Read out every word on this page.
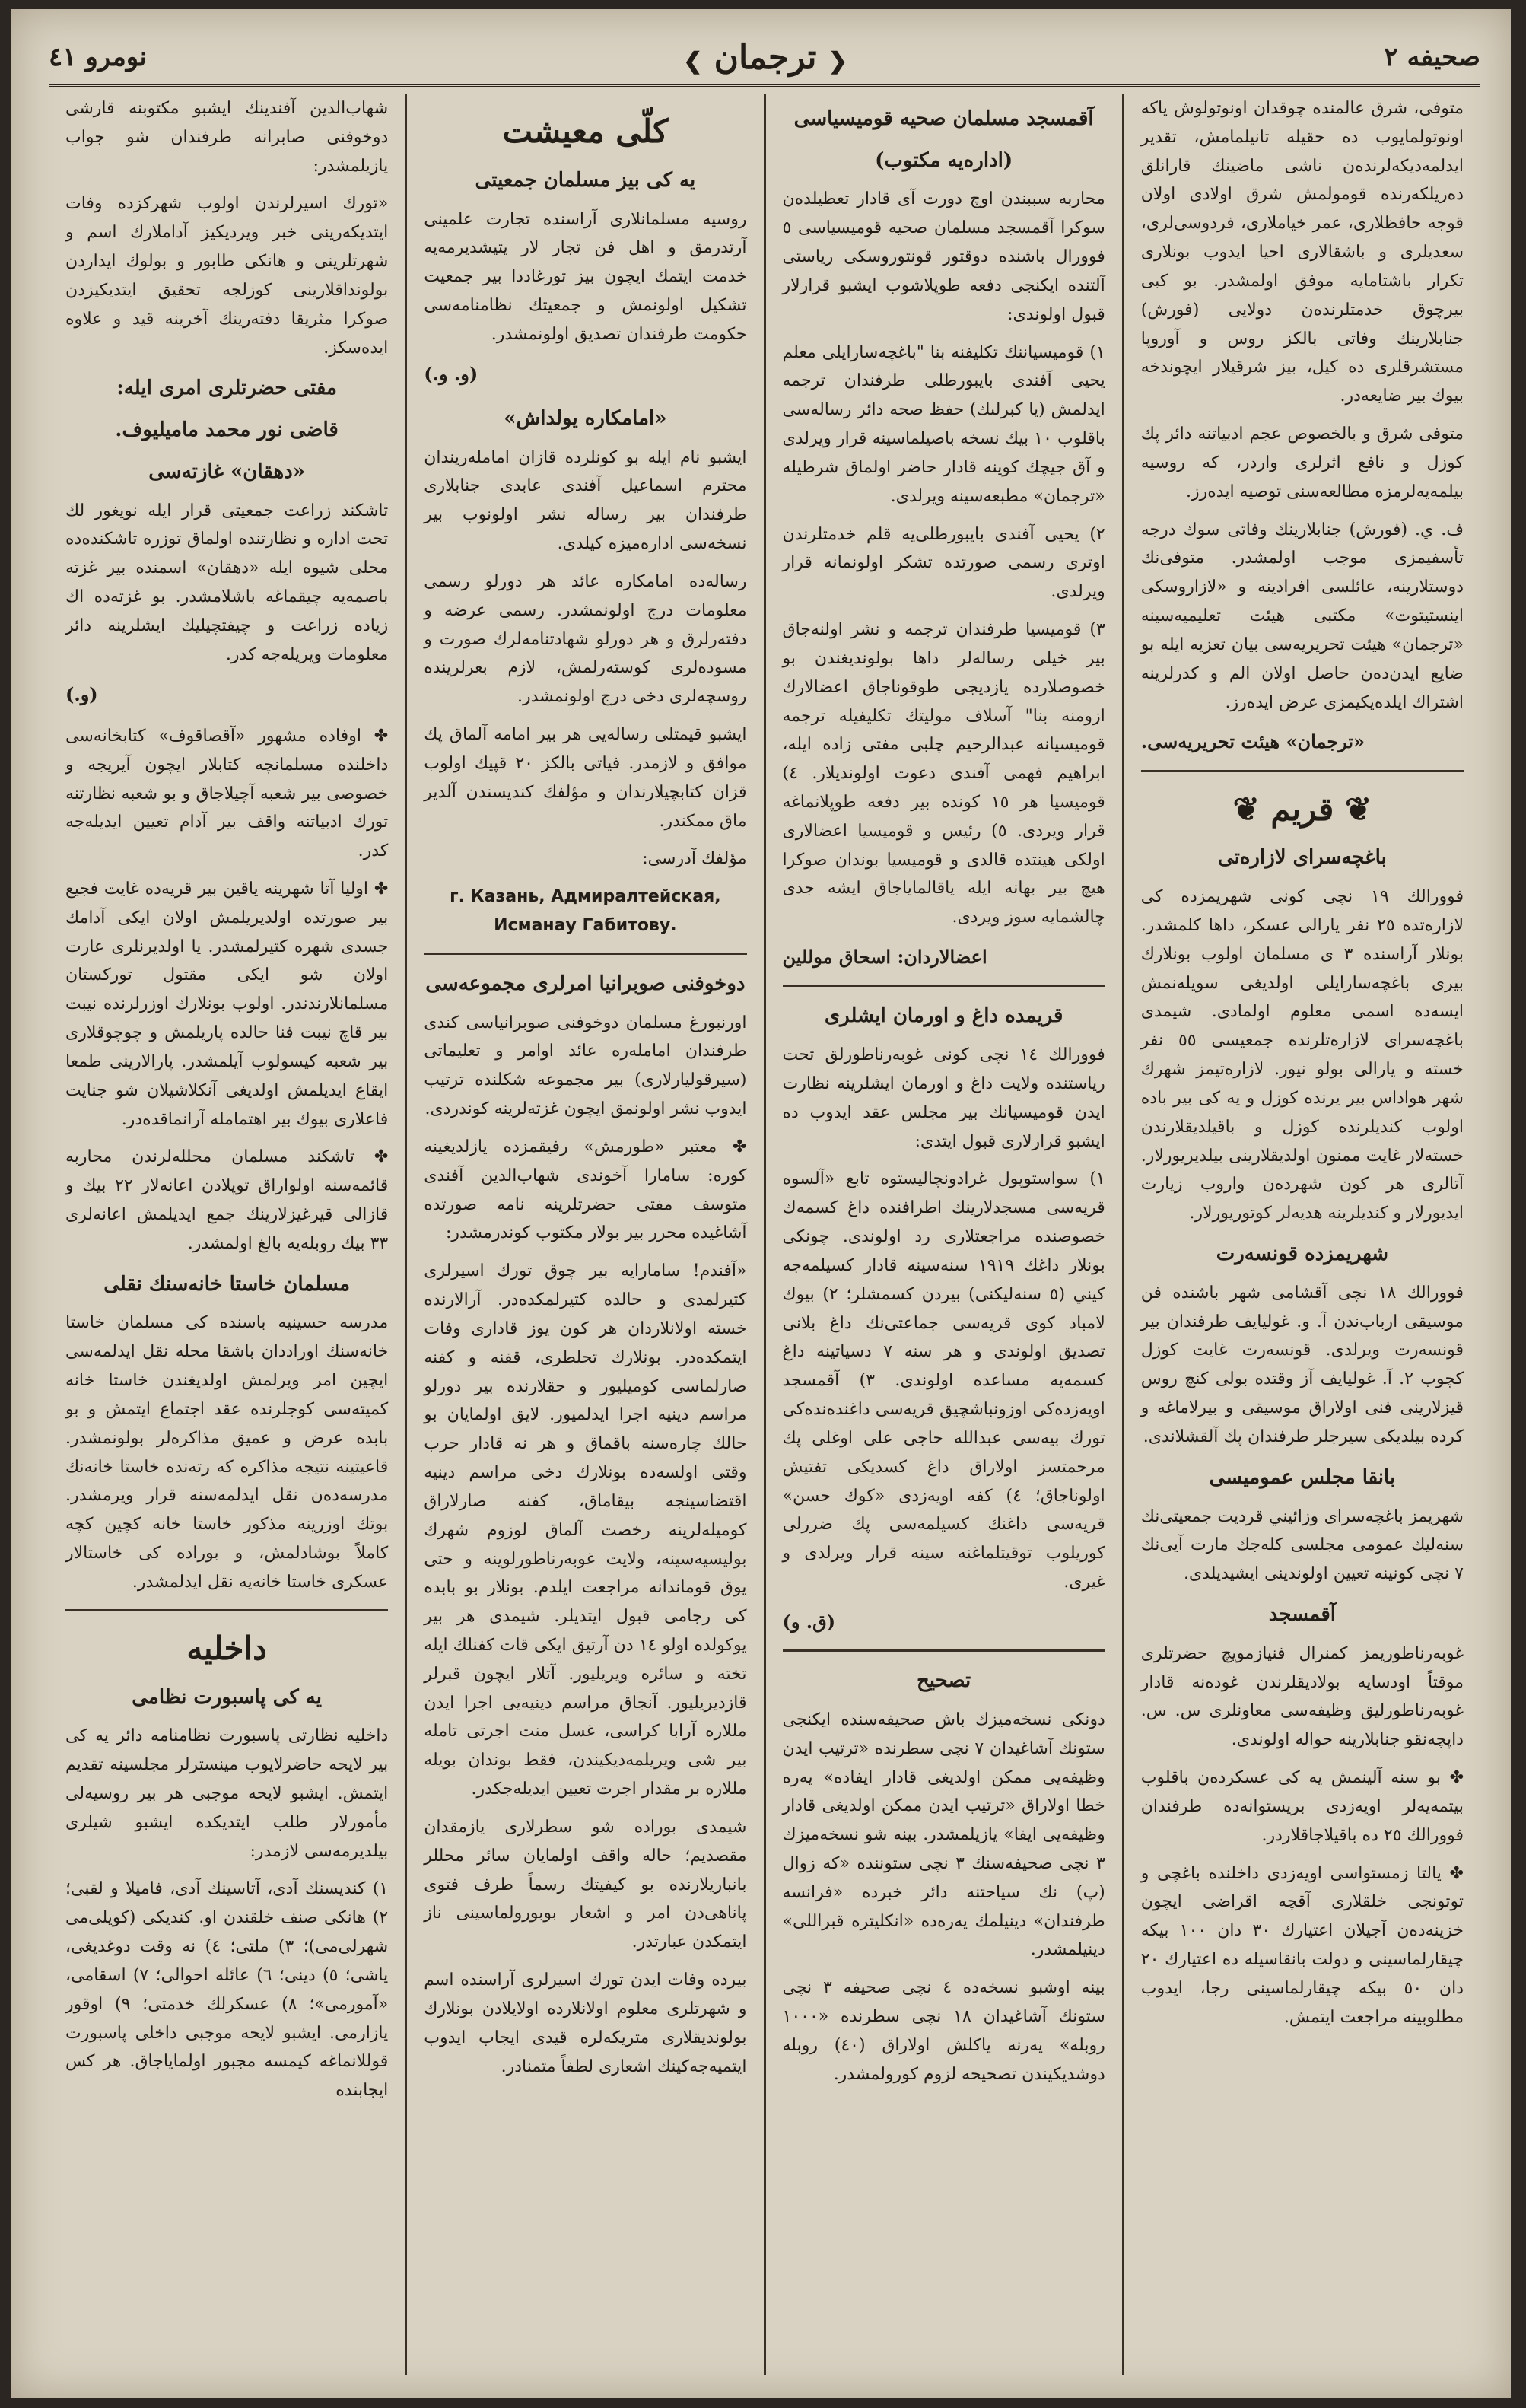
صحيفه ٢
❮ ترجمان ❯
نومرو ٤١

متوفى، شرق عالمنده چوقدان اونوتولوش ياكه اونوتولمايوب ده حقيله تانيلمامش، تقدير ايدلمه‌ديكه‌لرنده‌ن ناشى ماضينك قارانلق ده‌ريلكه‌رنده قومولمش شرق اولادى اولان قوجه حافظلارى، عمر خياملارى، فردوسى‌لرى، سعديلرى و باشقالارى احيا ايدوب بونلارى تكرار باشتامايه موفق اولمشدر. بو كبى بيرچوق خدمتلرنده‌ن دولايى (فورش) جنابلارينك وفاتى بالكز روس و آوروپا مستشرقلرى ده كيل، بيز شرقيلار ايچوندخه بيوك بير ضايعه‌در.

متوفى شرق و بالخصوص عجم ادبياتنه دائر پك كوزل و نافع اثرلرى واردر، كه روسيه بيلمه‌يه‌لرمزه مطالعه‌سنى توصيه ايده‌رز.

ف. ي. (فورش) جنابلارينك وفاتى سوك درجه تأسفيمزى موجب اولمشدر. متوفى‌نك دوستلارينه، عائلسى افرادينه و «لازاروسكى اينستيتوت» مكتبى هيئت تعليميه‌سينه «ترجمان» هيئت تحريريه‌سى بيان تعزيه ايله بو ضايع ايدن‌ده‌ن حاصل اولان الم و كدرلرينه اشتراك ايلده‌يكيمزى عرض ايده‌رز.

«ترجمان» هيئت تحريريه‌سى.
❦ قريم ❦
باغچه‌سراى لازاره‌تى

فوورالك ١٩ نچى كونى شهريمزده كى لازاره‌تده ٢٥ نفر يارالى عسكر، داها كلمشدر. بونلار آراسنده ٣ ى مسلمان اولوب بونلارك بيرى باغچه‌سارايلى اولديغى سويله‌نمش ايسه‌ده اسمى معلوم اولمادى. شيمدى باغچه‌سراى لازاره‌تلرنده جمعيسى ٥٥ نفر خسته و يارالى بولو نيور. لازاره‌تيمز شهرك شهر هواداس بير يرنده كوزل و يه كى بير باده اولوب كنديلرنده كوزل و باقيلديقلارندن خسته‌لار غايت ممنون اولديقلارينى بيلديريورلار. آتالرى هر كون شهرده‌ن واروب زيارت ايديورلار و كنديلرينه هديه‌لر كوتوريورلار.

شهريمزده قونسه‌رت

فوورالك ١٨ نچى آقشامى شهر باشنده فن موسيقى ارباب‌ندن آ. و. غوليايف طرفندان بير قونسه‌رت ويرلدى. قونسه‌رت غايت كوزل كچوب ٢. آ. غوليايف آز وقتده بولى كنچ روس قيزلارينى فنى اولاراق موسيقى و بيرلاماغه و كرده بيلديكى سيرجلر طرفندان پك آلقشلاندى.

بانقا مجلس عموميسى

شهريمز باغچه‌سراى وزائيني قرديت جمعيتى‌نك سنه‌ليك عمومى مجلسى كله‌جك مارت آيى‌نك ٧ نچى كونينه تعيين اولوندينى ايشيديلدى.

آقمسجد

غوبه‌رناطوريمز كمنرال فنيازمويچ حضرتلرى موقتاً اودسايه بولاديقلرندن غوده‌نه قادار غوبه‌رناطورليق وظيفه‌سى معاونلرى س. س. داپچه‌نقو جنابلارينه حواله اولوندى.

✤ بو سنه آلينمش يه كى عسكرده‌ن باقلوب بيتمه‌يه‌لر اويه‌زدى بريستوانه‌ده طرفندان فوورالك ٢٥ ده باقيلاجاقلار‌در.

✤ يالتا زمستواسى اويه‌زدى داخلنده باغچى و توتونجى خلقلارى آقچه اقراضى ايچون خزينه‌ده‌ن آجيلان اعتيارك ٣٠ دان ١٠٠ بيكه چيقارلماسينى و دولت بانقاسيله ده اعتيارك ٢٠ دان ٥٠ بيكه چيقارلماسينى رجا، ايدوب مطلوبينه مراجعت ايتمش.

آقمسجد مسلمان صحيه قوميسياسى
(اداره‌يه مكتوب)

محاربه سببندن اوچ دورت آى قادار تعطيلده‌ن سوكرا آقمسجد مسلمان صحيه قوميسياسى ٥ فوورال باشنده دوقتور قونتوروسكى رياستى آلتنده ايكنجى دفعه طوپلاشوب ايشبو قرارلار قبول اولوندى:

١) قوميسياننك تكليفنه بنا "باغچه‌سارايلى معلم يحيى آفندى بايبورطلى طرفندان ترجمه ايدلمش (يا كبرلىك) حفظ صحه دائر رساله‌سى باقلوب ١٠ بيك نسخه باصيلماسينه قرار ويرلدى و آق جيچك كوينه قادار حاضر اولماق شرطيله «ترجمان» مطبعه‌سينه ويرلدى.

٢) يحيى آفندى بايبورطلى‌يه قلم خدمتلرندن اوترى رسمى صورتده تشكر اولونمانه قرار ويرلدى.

٣) قوميسيا طرفندان ترجمه و نشر اولنه‌جاق بير خيلى رساله‌لر داها بولونديغندن بو خصوصلارده يازديجى طوقوناجاق اعضالارك ازومنه بنا" آسلاف موليتك تكليفيله ترجمه قوميسيانه عبدالرحيم چلبى مفتى زاده ايله، ابراهيم فهمى آفندى دعوت اولونديلار. ٤) قوميسيا هر ١٥ كونده بير دفعه طوپلانماغه قرار ويردى. ٥) رئيس و قوميسيا اعضالارى اولكى هينتده قالدى و قوميسيا بوندان صوكرا هيچ بير بهانه ايله ياقالماياجاق ايشه جدى چالشمايه سوز ويردى.

اعضالاردان: اسحاق موللين
قريمده داغ و اورمان ايشلرى

فوورالك ١٤ نچى كونى غوبه‌رناطورلق تحت رياستنده ولايت داغ و اورمان ايشلرينه نظارت ايدن قوميسيانك بير مجلس عقد ايدوب ده ايشبو قرارلارى قبول ايتدى:

١) سواستوپول غرادونچاليستوه تابع «آلسوه قريه‌سى مسجدلارينك اطرافنده داغ كسمه‌ك خصوصنده مراجعتلارى رد اولوندى. چونكى بونلار داغك ١٩١٩ سنه‌سينه قادار كسيلمه‌جه كيني (٥ سنه‌ليكنى) بيردن كسمشلر؛ ٢) بيوك لامباد كوى قريه‌سى جماعتى‌نك داغ بلانى تصديق اولوندى و هر سنه ٧ دسياتينه داغ كسمه‌يه مساعده اولوندى. ٣) آقمسجد اويه‌زده‌كى اوزونباشچيق قريه‌سى داغنده‌نده‌كى تورك بيه‌سى عبدالله حاجى على اوغلى پك مرحمتسز اولاراق داغ كسديكى تفتيش اولوناجاق؛ ٤) كفه اويه‌زدى «كوك حسن» قريه‌سى داغنك كسيلمه‌سى پك ضررلى كوريلوب توقيتلماغنه سينه قرار ويرلدى و غيرى.

(ق. و)
تصحيح

دونكى نسخه‌ميزك باش صحيفه‌سنده ايكنجى ستونك آشاغيدان ٧ نچى سطرنده «ترتيب ايدن وظيفه‌يى ممكن اولديغى قادار ايفاده» يه‌ره خطا اولاراق «ترتيب ايدن ممكن اولديغى قادار وظيفه‌يى ايفا» يازيلمشدر. بينه شو نسخه‌ميزك ٣ نچى صحيفه‌سنك ٣ نچى ستوننده «كه زوال (پ) نك سياحتنه دائر خبرده «فرانسه طرفندان» دينيلمك يه‌ره‌ده «انكليتره قبراللى» دينيلمشدر.

بينه اوشبو نسخه‌ده ٤ نچى صحيفه ٣ نچى ستونك آشاغيدان ١٨ نچى سطرنده «١٠٠٠ روبله» يه‌رنه ياكلش اولاراق (٤٠) روبله دوشديكيندن تصحيحه لزوم كورولمشدر.

كلّى معيشت
يه كى بيز مسلمان جمعيتى

روسيه مسلمانلارى آراسنده تجارت علمينى آرتدرمق و اهل فن تجار لار يتيشديرمه‌يه خدمت ايتمك ايچون بيز تورغاددا بير جمعيت تشكيل اولونمش و جمعيتك نظامنامه‌سى حكومت طرفندان تصديق اولونمشدر.

(و. و.)
«امامكاره يولداش»

ايشبو نام ايله بو كونلرده قازان امامله‌ريندان محترم اسماعيل آفندى عابدى جنابلارى طرفندان بير رساله نشر اولونوب بير نسخه‌سى اداره‌ميزه كيلدى.

رساله‌ده امامكاره عائد هر دورلو رسمى معلومات درج اولونمشدر. رسمى عرضه و دفته‌رلرق و هر دورلو شهادتنامه‌لرك صورت و مسوده‌لرى كوسته‌رلمش، لازم بعرلرينده روسچه‌لرى دخى درج اولونمشدر.

ايشبو قيمتلى رساله‌يى هر بير امامه آلماق پك موافق و لازمدر. فياتى بالكز ٢٠ قپيك اولوب قزان كتابچيلارندان و مؤلفك كنديسندن آلدير ماق ممكندر.

مؤلفك آدرسى:

г. Казань, Адмиралтейская, Исманау Габитову.
دوخوفنى صوبرانيا امرلرى مجموعه‌سى

اورنبورغ مسلمان دوخوفنى صوبرانياسى كندى طرفندان امامله‌ره عائد اوامر و تعليماتى (سيرقوليارلارى) بير مجموعه شكلنده ترتيب ايدوب نشر اولونمق ايچون غزته‌لرينه كوندردى.

✤ معتبر «طورمش» رفيقمزده يازلديغينه كوره: سامارا آخوندى شهاب‌الدين آفندى متوسف مفتى حضرتلرينه نامه صورتده آشاغيده محرر بير بولار مكتوب كوندرمشدر:

«آفندم! سامارايه بير چوق تورك اسيرلرى كتيرلمدى و حالده كتيرلمكده‌در. آرالارنده خسته اولانلاردان هر كون يوز قادارى وفات ايتمكده‌در. بونلارك تحلطرى، قفنه و كفنه صارلماسى كوميليور و حقلارنده بير دورلو مراسم دينيه اجرا ايدلميور. لايق اولمايان بو حالك چاره‌سنه باقماق و هر نه قادار حرب وقتى اولسه‌ده بونلارك دخى مراسم دينيه اقتضاسينجه بيقاماق، كفنه صارلاراق كوميله‌لرينه رخصت آلماق لوزوم شهرك بوليسيه‌سينه، ولايت غوبه‌رناطورلوينه و حتى يوق قوماندانه مراجعت ايلدم. بونلار بو بابده كى رجامى قبول ايتديلر. شيمدى هر بير يوكولده اولو ١٤ دن آرتيق ايكى قات كفنلك ايله تخته و سائره ويريليور. آتلار ايچون قبرلر قازديريليور. آنجاق مراسم دينيه‌يى اجرا ايدن مللاره آرابا كراسى، غسل منت اجرتى تامله بير شى ويريلمه‌ديكيندن، فقط بوندان بويله مللاره بر مقدار اجرت تعيين ايديله‌جكدر.

شيمدى بوراده شو سطرلارى يازمقدان مقصديم؛ حاله واقف اولمايان سائر محللر بانباريلارنده بو كيفيتك رسماً طرف فتوى پاناهى‌دن امر و اشعار بوبورولماسينى ناز ايتمكدن عبارتدر.

بيرده وفات ايدن تورك اسيرلرى آراسنده اسم و شهرتلرى معلوم اولانلارده اولايلادن بونلارك بولونديقلارى متريكه‌لره قيدى ايجاب ايدوب ايتميه‌جه‌كينك اشعارى لطفاً متمنادر.

شهاب‌الدين آفندينك ايشبو مكتوبنه قارشى دوخوفنى صابرانه طرفندان شو جواب يازيلمشدر:

«تورك اسيرلرندن اولوب شهركزده وفات ايتديكه‌رينى خبر ويرديكيز آداملارك اسم و شهرتلرينى و هانكى طابور و بولوك ايداردن بولونداقلارينى كوزلجه تحقيق ايتديكيزدن صوكرا مثريقا دفته‌رينك آخرينه قيد و علاوه ايده‌سكز.

مفتى حضرتلرى امرى ايله:
قاضى نور محمد ماميليوف.
«دهقان» غازته‌سى

تاشكند زراعت جمعيتى قرار ايله نويغور لك تحت اداره و نظارتنده اولماق توزره تاشكنده‌ده محلى شيوه ايله «دهقان» اسمنده بير غزته باصمه‌يه چيقماغه باشلامشدر. بو غزته‌ده اك زياده زراعت و چيفتچيليك ايشلرينه دائر معلومات ويريله‌جه كدر.

(و.)

✤ اوفاده مشهور «آقصاقوف» كتابخانه‌سى داخلنده مسلمانچه كتابلار ايچون آيريجه و خصوصى بير شعبه آچيلاجاق و بو شعبه نظارتنه تورك ادبياتنه واقف بير آدام تعيين ايديله‌جه كدر.

✤ اوليا آتا شهرينه ياقين بير قريه‌ده غايت فجيع بير صورتده اولديريلمش اولان ايكى آدامك جسدى شهره كتيرلمشدر. يا اولديرنلرى عارت اولان شو ايكى مقتول تورکستان مسلمانلارندندر. اولوب بونلارك اوزرلرنده نيبت بير قاچ نيبت فنا حالده پاريلمش و چوچوقلارى بير شعبه كيسولوب آيلمشدر. پارالارينى طمعا ايقاع ايديلمش اولديغى آنكلاشيلان شو جنايت فاعلارى بيوك بير اهتمامله آرانماقده‌در.

✤ تاشكند مسلمان محلله‌لرندن محاربه قائمه‌سنه اولواراق توپلادن اعانه‌لار ٢٢ بيك و قازالى قيرغيزلارينك جمع ايديلمش اعانه‌لرى ٣٣ بيك روبله‌يه بالغ اولمشدر.

مسلمان خاستا خانه‌سنك نقلى

مدرسه حسينيه باسنده كى مسلمان خاستا خانه‌سنك اوراددان باشقا محله نقل ايدلمه‌سى ايچين امر ويرلمش اولديغندن خاستا خانه كميته‌سى كوجلرنده عقد اجتماع ايتمش و بو بابده عرض و عميق مذاكره‌لر بولونمشدر. قاعيتينه نتيجه مذاكره كه رته‌نده خاستا خانه‌نك مدرسه‌ده‌ن نقل ايدلمه‌سنه قرار ويرمشدر. بوتك اوزرينه مذكور خاستا خانه كچين كچه كاملاً بوشادلمش، و بوراده كى خاستالار عسكرى خاستا خانه‌يه نقل ايدلمشدر.

داخليه
يه كى پاسبورت نظامى

داخليه نظارتى پاسبورت نظامنامه دائر يه كى بير لايحه حاضرلايوب مينسترلر مجلسينه تقديم ايتمش. ايشبو لايحه موجبى هر بير روسيه‌لى مأمورلار طلب ايتديكده ايشبو شيلرى بيلديرمه‌سى لازمدر:

١) كنديسنك آدى، آتاسينك آدى، فاميلا و لقبى؛ ٢) هانكى صنف خلقندن او. كنديكى (كويلى‌مى شهرلى‌مى)؛ ٣) ملتى؛ ٤) نه وقت دوغديغى، ياشى؛ ٥) دينى؛ ٦) عائله احوالى؛ ٧) اسقامى، «آمورمى»؛ ٨) عسكرلك خدمتى؛ ٩) اوقور يازارمى. ايشبو لايحه موجبى داخلى پاسبورت قوللانماغه كيمسه مجبور اولماياجاق. هر كس ايجابنده
